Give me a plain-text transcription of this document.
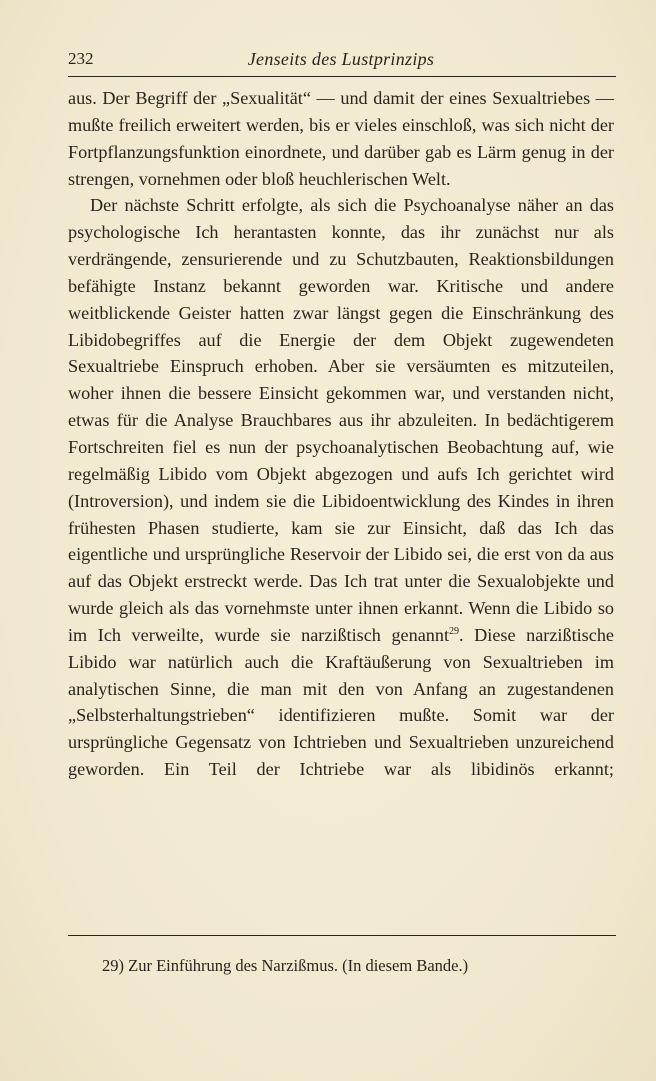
232	Jenseits des Lustprinzips

aus. Der Begriff der „Sexualität“ — und damit der eines Sexualtriebes — mußte freilich erweitert werden, bis er vieles einschloß, was sich nicht der Fortpflanzungsfunktion einordnete, und darüber gab es Lärm genug in der strengen, vornehmen oder bloß heuchlerischen Welt.

Der nächste Schritt erfolgte, als sich die Psychoanalyse näher an das psychologische Ich herantasten konnte, das ihr zunächst nur als verdrängende, zensurierende und zu Schutzbauten, Reaktionsbildungen befähigte Instanz bekannt geworden war. Kritische und andere weitblickende Geister hatten zwar längst gegen die Einschränkung des Libidobegriffes auf die Energie der dem Objekt zugewendeten Sexualtriebe Einspruch erhoben. Aber sie versäumten es mitzuteilen, woher ihnen die bessere Einsicht gekommen war, und verstanden nicht, etwas für die Analyse Brauchbares aus ihr abzuleiten. In bedächtigerem Fortschreiten fiel es nun der psychoanalytischen Beobachtung auf, wie regelmäßig Libido vom Objekt abgezogen und aufs Ich gerichtet wird (Introversion), und indem sie die Libidoentwicklung des Kindes in ihren frühesten Phasen studierte, kam sie zur Einsicht, daß das Ich das eigentliche und ursprüngliche Reservoir der Libido sei, die erst von da aus auf das Objekt erstreckt werde. Das Ich trat unter die Sexualobjekte und wurde gleich als das vornehmste unter ihnen erkannt. Wenn die Libido so im Ich verweilte, wurde sie narzißtisch genannt$^{29}$. Diese narzißtische Libido war natürlich auch die Kraftäußerung von Sexualtrieben im analytischen Sinne, die man mit den von Anfang an zugestandenen „Selbsterhaltungstrieben“ identifizieren mußte. Somit war der ursprüngliche Gegensatz von Ichtrieben und Sexualtrieben unzureichend geworden. Ein Teil der Ichtriebe war als libidinös erkannt;

29) Zur Einführung des Narzißmus. (In diesem Bande.)
